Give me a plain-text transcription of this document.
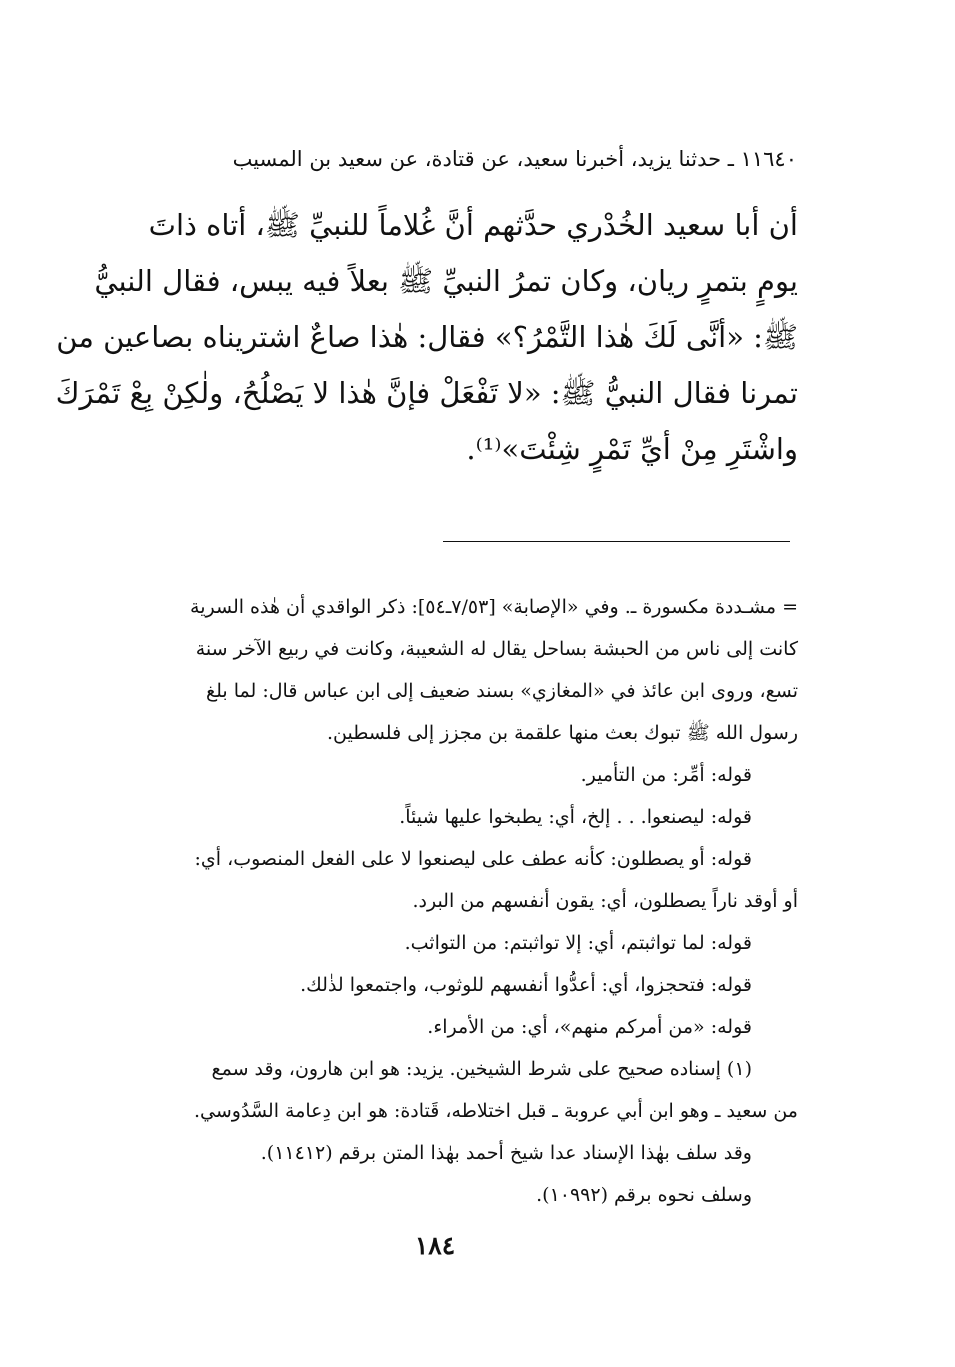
١١٦٤٠ ـ حدثنا يزيد، أخبرنا سعيد، عن قتادة، عن سعيد بن المسيب
أن أبا سعيد الخُدْري حدَّثهم أنَّ غُلاماً للنبيِّ ﷺ، أتاه ذاتَ
يومٍ بتمرٍ ريان، وكان تمرُ النبيِّ ﷺ بعلاً فيه يبس، فقال النبيُّ
ﷺ: «أنَّى لَكَ هٰذا التَّمْرُ؟» فقال: هٰذا صاعٌ اشتريناه بصاعين من
تمرنا فقال النبيُّ ﷺ: «لا تَفْعَلْ فإنَّ هٰذا لا يَصْلُحُ، ولٰكِنْ بِعْ تَمْرَكَ
واشْتَرِ مِنْ أيِّ تَمْرٍ شِئْتَ»⁽¹⁾.
= مشـددة مكسورة ـ. وفي «الإصابة» [٧/٥٣ـ٥٤]: ذكر الواقدي أن هٰذه السرية
كانت إلى ناس من الحبشة بساحل يقال له الشعيبة، وكانت في ربيع الآخر سنة
تسع، وروى ابن عائذ في «المغازي» بسند ضعيف إلى ابن عباس قال: لما بلغ
رسول الله ﷺ تبوك بعث منها علقمة بن مجزز إلى فلسطين.
قوله: أمِّر: من التأمير.
قوله: ليصنعوا. . . إلخ، أي: يطبخوا عليها شيئاً.
قوله: أو يصطلون: كأنه عطف على ليصنعوا لا على الفعل المنصوب، أي:
أو أوقد ناراً يصطلون، أي: يقون أنفسهم من البرد.
قوله: لما تواثبتم، أي: إلا تواثبتم: من التواثب.
قوله: فتحجزوا، أي: أعدُّوا أنفسهم للوثوب، واجتمعوا لذٰلك.
قوله: «من أمركم منهم»، أي: من الأمراء.
(١) إسناده صحيح على شرط الشيخين. يزيد: هو ابن هارون، وقد سمع
من سعيد ـ وهو ابن أبي عروبة ـ قبل اختلاطه، قَتادة: هو ابن دِعامة السَّدُوسي.
وقد سلف بهٰذا الإسناد عدا شيخ أحمد بهٰذا المتن برقم (١١٤١٢).
وسلف نحوه برقم (١٠٩٩٢).
١٨٤
